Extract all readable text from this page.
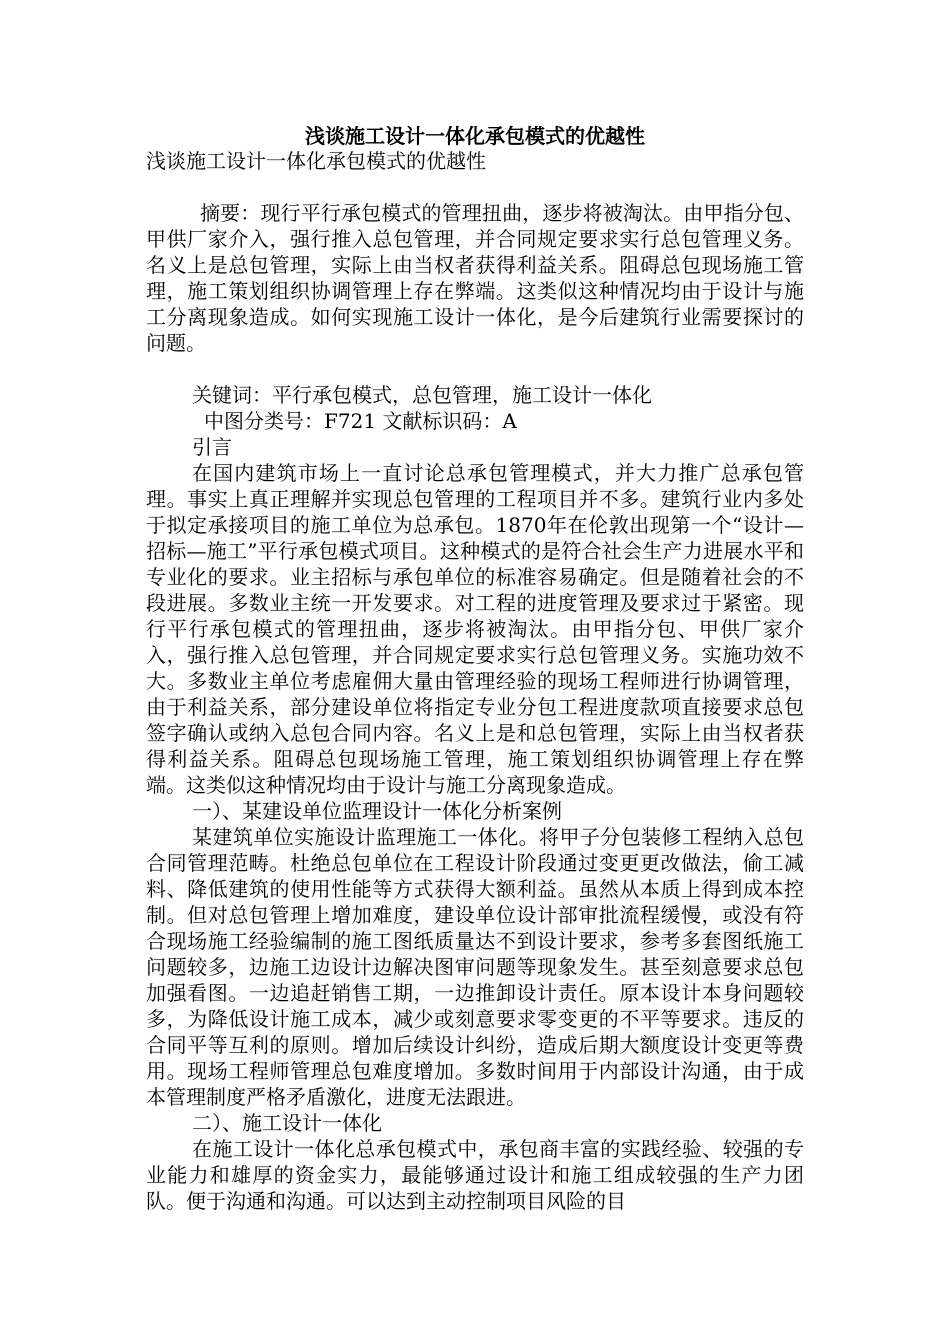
浅谈施工设计一体化承包模式的优越性

浅谈施工设计一体化承包模式的优越性

摘要：现行平行承包模式的管理扭曲，逐步将被淘汰。由甲指分包、甲供厂家介入，强行推入总包管理，并合同规定要求实行总包管理义务。名义上是总包管理，实际上由当权者获得利益关系。阻碍总包现场施工管理，施工策划组织协调管理上存在弊端。这类似这种情况均由于设计与施工分离现象造成。如何实现施工设计一体化，是今后建筑行业需要探讨的问题。

关键词：平行承包模式，总包管理，施工设计一体化

中图分类号：F721 文献标识码：A

引言

在国内建筑市场上一直讨论总承包管理模式，并大力推广总承包管理。事实上真正理解并实现总包管理的工程项目并不多。建筑行业内多处于拟定承接项目的施工单位为总承包。1870年在伦敦出现第一个“设计—招标—施工”平行承包模式项目。这种模式的是符合社会生产力进展水平和专业化的要求。业主招标与承包单位的标准容易确定。但是随着社会的不段进展。多数业主统一开发要求。对工程的进度管理及要求过于紧密。现行平行承包模式的管理扭曲，逐步将被淘汰。由甲指分包、甲供厂家介入，强行推入总包管理，并合同规定要求实行总包管理义务。实施功效不大。多数业主单位考虑雇佣大量由管理经验的现场工程师进行协调管理，由于利益关系，部分建设单位将指定专业分包工程进度款项直接要求总包签字确认或纳入总包合同内容。名义上是和总包管理，实际上由当权者获得利益关系。阻碍总包现场施工管理，施工策划组织协调管理上存在弊端。这类似这种情况均由于设计与施工分离现象造成。

一）、某建设单位监理设计一体化分析案例

某建筑单位实施设计监理施工一体化。将甲子分包装修工程纳入总包合同管理范畴。杜绝总包单位在工程设计阶段通过变更更改做法，偷工减料、降低建筑的使用性能等方式获得大额利益。虽然从本质上得到成本控制。但对总包管理上增加难度，建设单位设计部审批流程缓慢，或没有符合现场施工经验编制的施工图纸质量达不到设计要求，参考多套图纸施工问题较多，边施工边设计边解决图审问题等现象发生。甚至刻意要求总包加强看图。一边追赶销售工期，一边推卸设计责任。原本设计本身问题较多，为降低设计施工成本，减少或刻意要求零变更的不平等要求。违反的合同平等互利的原则。增加后续设计纠纷，造成后期大额度设计变更等费用。现场工程师管理总包难度增加。多数时间用于内部设计沟通，由于成本管理制度严格矛盾激化，进度无法跟进。

二）、施工设计一体化

在施工设计一体化总承包模式中，承包商丰富的实践经验、较强的专业能力和雄厚的资金实力，最能够通过设计和施工组成较强的生产力团队。便于沟通和沟通。可以达到主动控制项目风险的目
